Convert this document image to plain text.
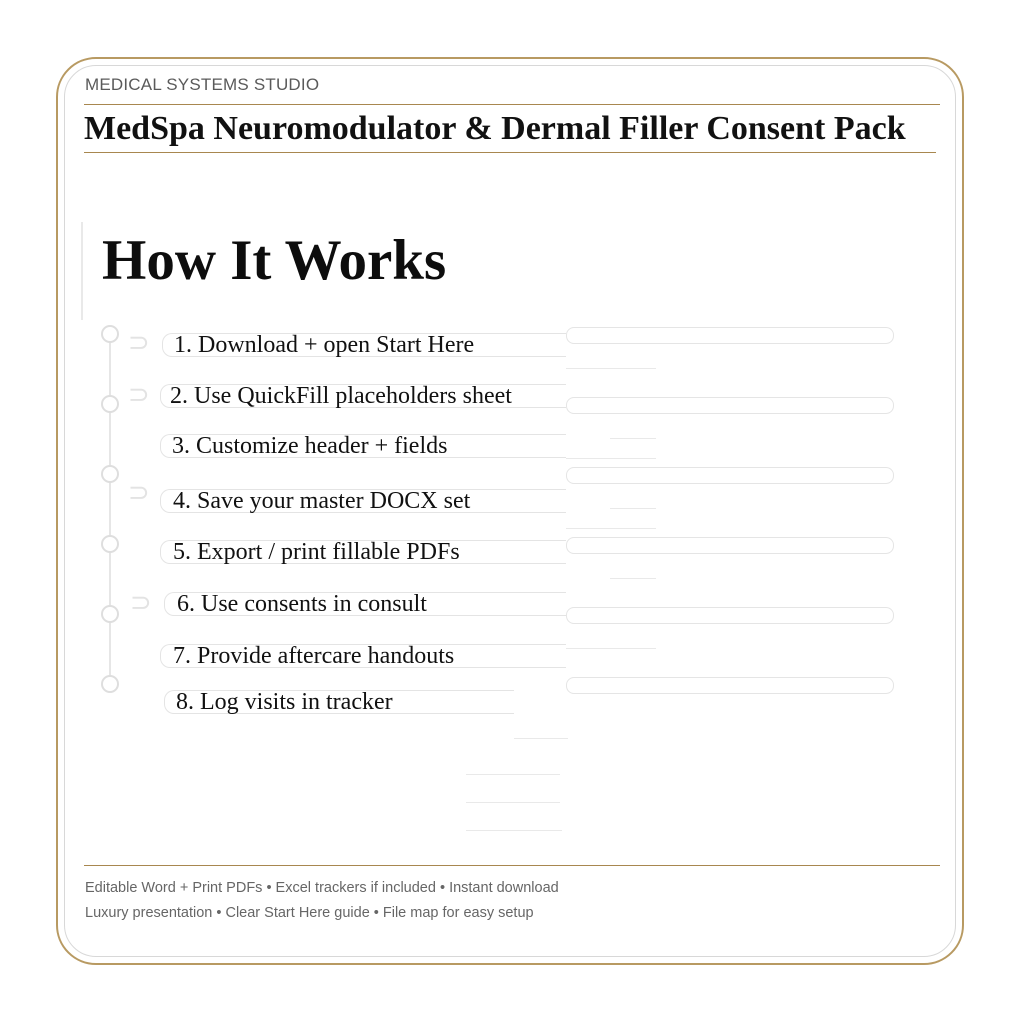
MEDICAL SYSTEMS STUDIO
MedSpa Neuromodulator & Dermal Filler Consent Pack
How It Works
⊃
⊃
⊃
⊃
1. Download + open Start Here
2. Use QuickFill placeholders sheet
3. Customize header + fields
4. Save your master DOCX set
5. Export / print fillable PDFs
6. Use consents in consult
7. Provide aftercare handouts
8. Log visits in tracker
Editable Word + Print PDFs • Excel trackers if included • Instant download
Luxury presentation • Clear Start Here guide • File map for easy setup
